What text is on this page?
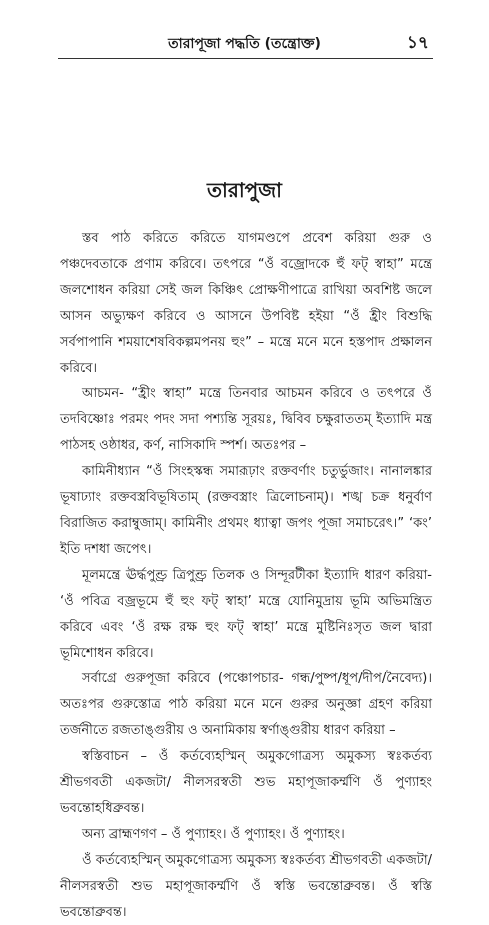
তারাপূজা পদ্ধতি (তন্ত্রোক্ত)	১৭
তারাপুজা

স্তব পাঠ করিতে করিতে যাগমণ্ডপে প্রবেশ করিয়া গুরু ও পঞ্চদেবতাকে প্রণাম করিবে। তৎপরে “ওঁ বজ্রোদকে হুঁ ফট্ স্বাহা” মন্ত্রে জলশোধন করিয়া সেই জল কিঞ্চিৎ প্রোক্ষণীপাত্রে রাখিয়া অবশিষ্ট জলে আসন অভ্যুক্ষণ করিবে ও আসনে উপবিষ্ট হইয়া “ওঁ হ্রীং বিশুদ্ধি সর্বপাপানি শময়াশেষবিকল্পমপনয় হুং” – মন্ত্রে মনে মনে হস্তপাদ প্রক্ষালন করিবে।

আচমন- “হ্রীং স্বাহা” মন্ত্রে তিনবার আচমন করিবে ও তৎপরে ওঁ তদবিষ্ণোঃ পরমং পদং সদা পশ্যন্তি সূরয়ঃ, দ্বিবিব চক্ষুরাততম্ ইত্যাদি মন্ত্র পাঠসহ ওষ্ঠাধর, কর্ণ, নাসিকাদি স্পর্শ। অতঃপর –

কামিনীধ্যান “ওঁ সিংহস্কন্ধ সমারূঢ়াং রক্তবর্ণাং চতুর্ভুজাং। নানালঙ্কার ভূষাঢ্যাং রক্তবস্ত্রবিভূষিতাম্ (রক্তবস্ত্রাং ত্রিলোচনাম্)। শঙ্খ চক্র ধনুর্বাণ বিরাজিত করাম্বুজাম্। কামিনীং প্রথমং ধ্যাত্বা জপং পূজা সমাচরেৎ।” ‘কং’ ইতি দশধা জপেৎ।

মূলমন্ত্রে ঊর্দ্ধপুণ্ড্র ত্রিপুণ্ড্র তিলক ও সিন্দূরটীকা ইত্যাদি ধারণ করিয়া- ‘ওঁ পবিত্র বজ্রভূমে হুঁ হুং ফট্ স্বাহা’ মন্ত্রে যোনিমুদ্রায় ভূমি অভিমন্ত্রিত করিবে এবং ‘ওঁ রক্ষ রক্ষ হুং ফট্ স্বাহা’ মন্ত্রে মুষ্টিনিঃসৃত জল দ্বারা ভূমিশোধন করিবে।

সর্বাগ্রে গুরুপূজা করিবে (পঞ্চোপচার- গন্ধ/পুষ্প/ধূপ/দীপ/নৈবেদ্য)। অতঃপর গুরুস্তোত্র পাঠ করিয়া মনে মনে গুরুর অনুজ্ঞা গ্রহণ করিয়া তর্জনীতে রজতাঙ্গুরীয় ও অনামিকায় স্বর্ণাঙ্গুরীয় ধারণ করিয়া –

স্বস্তিবাচন – ওঁ কর্তব্যেহস্মিন্ অমুকগোত্রস্য অমুকস্য স্বঃকর্তব্য শ্রীভগবতী একজটা/ নীলসরস্বতী শুভ মহাপূজাকর্ম্মণি ওঁ পুণ্যাহং ভবন্তোহধিব্রুবন্ত।

অন্য ব্রাহ্মণগণ – ওঁ পুণ্যাহং। ওঁ পুণ্যাহং। ওঁ পুণ্যাহং।

ওঁ কর্তব্যেহস্মিন্ অমুকগোত্রস্য অমুকস্য স্বঃকর্তব্য শ্রীভগবতী একজটা/ নীলসরস্বতী শুভ মহাপূজাকর্ম্মণি ওঁ স্বস্তি ভবন্তোব্রুবন্ত। ওঁ স্বস্তি ভবন্তোব্রুবন্ত।
